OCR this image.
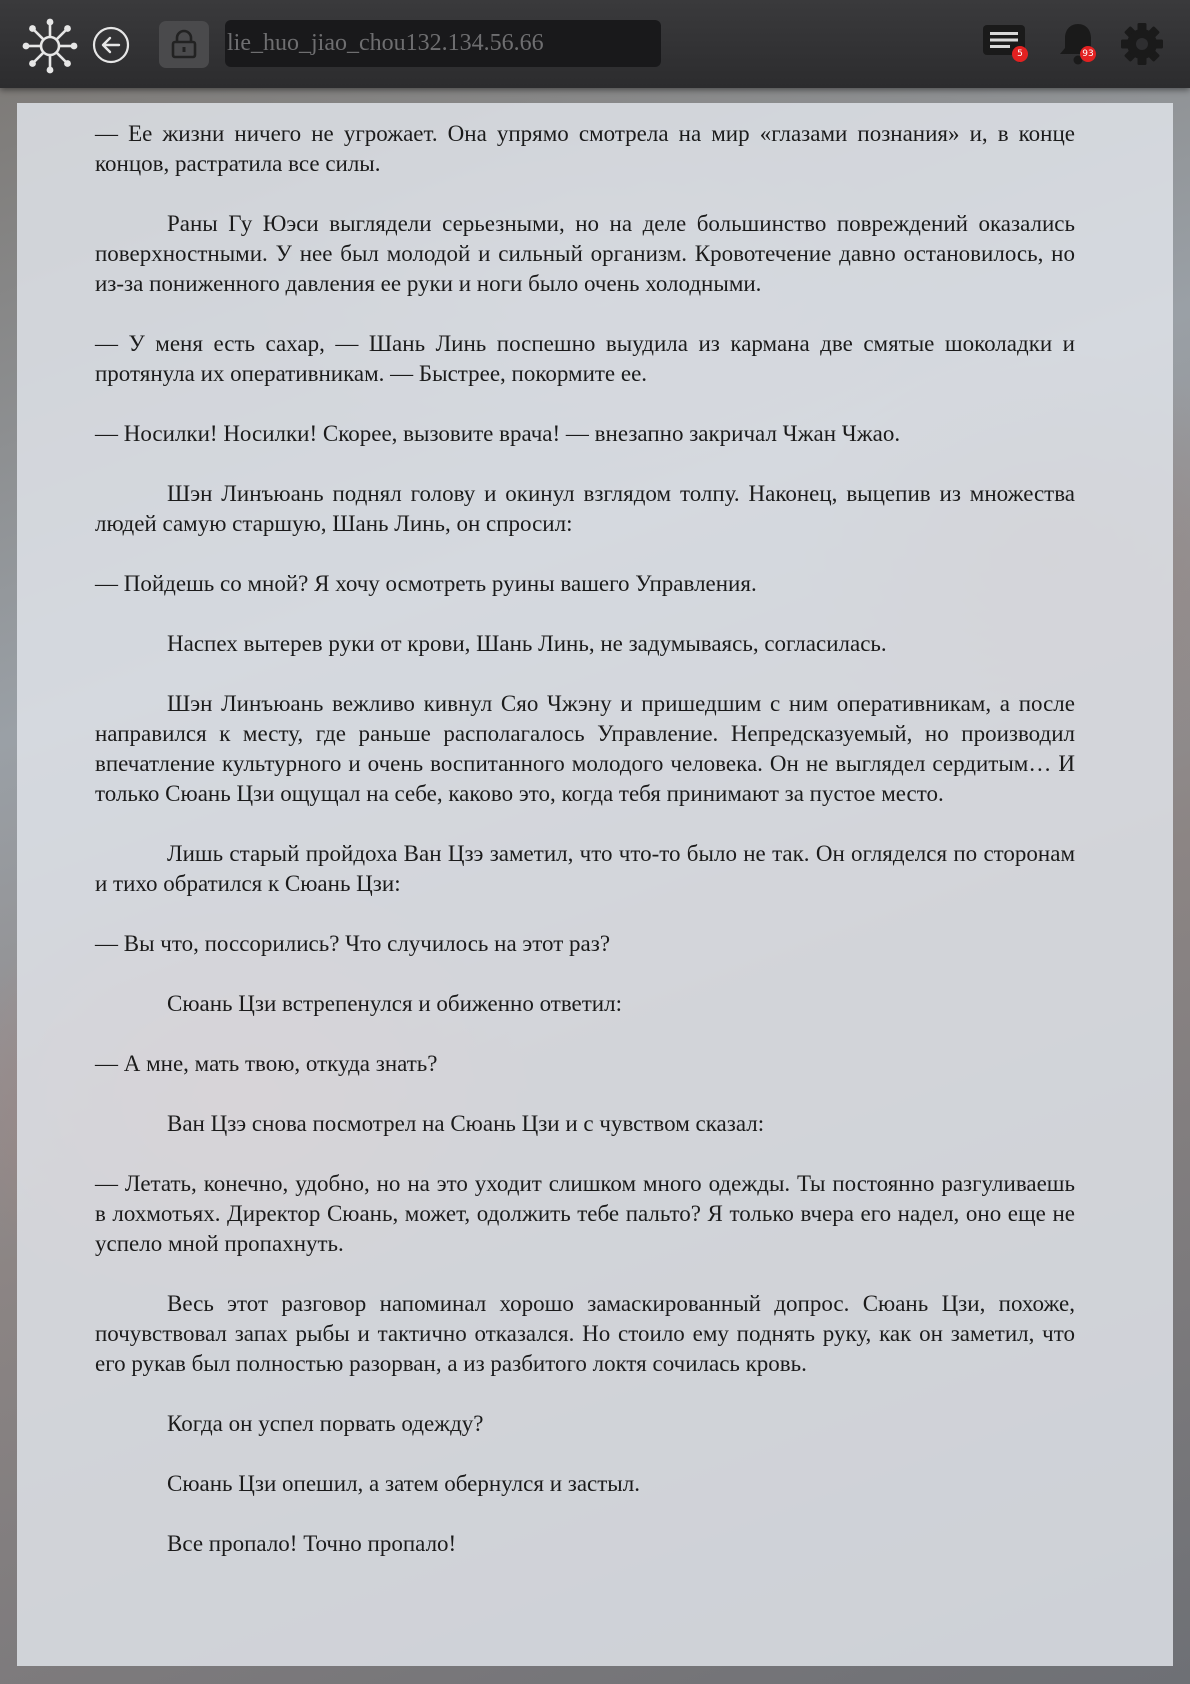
lie_huo_jiao_chou132.134.56.66	5	93

— Ее жизни ничего не угрожает. Она упрямо смотрела на мир «глазами познания» и, в конце концов, растратила все силы.

Раны Гу Юэси выглядели серьезными, но на деле большинство повреждений оказались поверхностными. У нее был молодой и сильный организм. Кровотечение давно остановилось, но из-за пониженного давления ее руки и ноги было очень холодными.

— У меня есть сахар, — Шань Линь поспешно выудила из кармана две смятые шоколадки и протянула их оперативникам. — Быстрее, покормите ее.

— Носилки! Носилки! Скорее, вызовите врача! — внезапно закричал Чжан Чжао.

Шэн Линъюань поднял голову и окинул взглядом толпу. Наконец, выцепив из множества людей самую старшую, Шань Линь, он спросил:

— Пойдешь со мной? Я хочу осмотреть руины вашего Управления.

Наспех вытерев руки от крови, Шань Линь, не задумываясь, согласилась.

Шэн Линъюань вежливо кивнул Сяо Чжэну и пришедшим с ним оперативникам, а после направился к месту, где раньше располагалось Управление. Непредсказуемый, но производил впечатление культурного и очень воспитанного молодого человека. Он не выглядел сердитым… И только Сюань Цзи ощущал на себе, каково это, когда тебя принимают за пустое место.

Лишь старый пройдоха Ван Цзэ заметил, что что-то было не так. Он огляделся по сторонам и тихо обратился к Сюань Цзи:

— Вы что, поссорились? Что случилось на этот раз?

Сюань Цзи встрепенулся и обиженно ответил:

— А мне, мать твою, откуда знать?

Ван Цзэ снова посмотрел на Сюань Цзи и с чувством сказал:

— Летать, конечно, удобно, но на это уходит слишком много одежды. Ты постоянно разгуливаешь в лохмотьях. Директор Сюань, может, одолжить тебе пальто? Я только вчера его надел, оно еще не успело мной пропахнуть.

Весь этот разговор напоминал хорошо замаскированный допрос. Сюань Цзи, похоже, почувствовал запах рыбы и тактично отказался. Но стоило ему поднять руку, как он заметил, что его рукав был полностью разорван, а из разбитого локтя сочилась кровь.

Когда он успел порвать одежду?

Сюань Цзи опешил, а затем обернулся и застыл.

Все пропало! Точно пропало!
